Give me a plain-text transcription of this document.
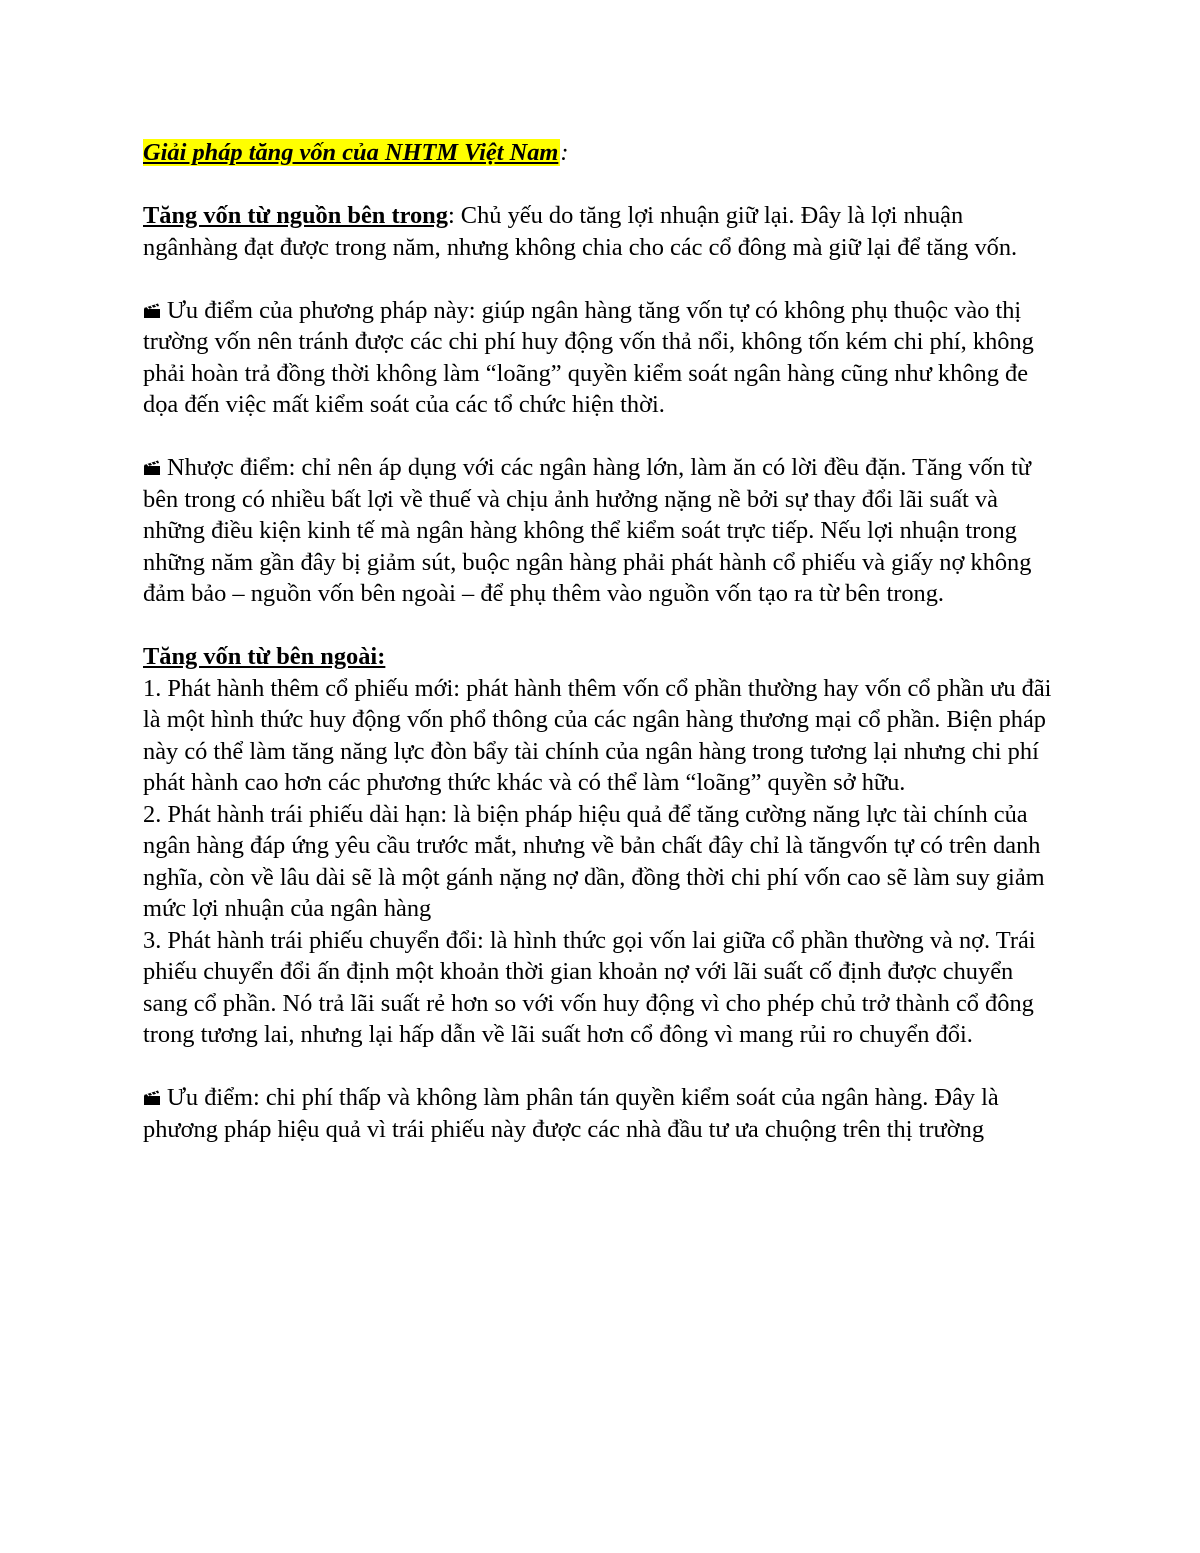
Giải pháp tăng vốn của NHTM Việt Nam:

Tăng vốn từ nguồn bên trong: Chủ yếu do tăng lợi nhuận giữ lại. Đây là lợi nhuận ngânhàng đạt được trong năm, nhưng không chia cho các cổ đông mà giữ lại để tăng vốn.

Ưu điểm của phương pháp này: giúp ngân hàng tăng vốn tự có không phụ thuộc vào thị trường vốn nên tránh được các chi phí huy động vốn thả nổi, không tốn kém chi phí, không phải hoàn trả đồng thời không làm “loãng” quyền kiểm soát ngân hàng cũng như không đe dọa đến việc mất kiểm soát của các tổ chức hiện thời.

Nhược điểm: chỉ nên áp dụng với các ngân hàng lớn, làm ăn có lời đều đặn. Tăng vốn từ bên trong có nhiều bất lợi về thuế và chịu ảnh hưởng nặng nề bởi sự thay đổi lãi suất và những điều kiện kinh tế mà ngân hàng không thể kiểm soát trực tiếp. Nếu lợi nhuận trong những năm gần đây bị giảm sút, buộc ngân hàng phải phát hành cổ phiếu và giấy nợ không đảm bảo – nguồn vốn bên ngoài – để phụ thêm vào nguồn vốn tạo ra từ bên trong.

Tăng vốn từ bên ngoài:

1. Phát hành thêm cổ phiếu mới: phát hành thêm vốn cổ phần thường hay vốn cổ phần ưu đãi là một hình thức huy động vốn phổ thông của các ngân hàng thương mại cổ phần. Biện pháp này có thể làm tăng năng lực đòn bẩy tài chính của ngân hàng trong tương lại nhưng chi phí phát hành cao hơn các phương thức khác và có thể làm “loãng” quyền sở hữu.

2. Phát hành trái phiếu dài hạn: là biện pháp hiệu quả để tăng cường năng lực tài chính của ngân hàng đáp ứng yêu cầu trước mắt, nhưng về bản chất đây chỉ là tăngvốn tự có trên danh nghĩa, còn về lâu dài sẽ là một gánh nặng nợ dần, đồng thời chi phí vốn cao sẽ làm suy giảm mức lợi nhuận của ngân hàng

3. Phát hành trái phiếu chuyển đổi: là hình thức gọi vốn lai giữa cổ phần thường và nợ. Trái phiếu chuyển đổi ấn định một khoản thời gian khoản nợ với lãi suất cố định được chuyển sang cổ phần. Nó trả lãi suất rẻ hơn so với vốn huy động vì cho phép chủ trở thành cổ đông trong tương lai, nhưng lại hấp dẫn về lãi suất hơn cổ đông vì mang rủi ro chuyển đổi.

Ưu điểm: chi phí thấp và không làm phân tán quyền kiểm soát của ngân hàng. Đây là phương pháp hiệu quả vì trái phiếu này được các nhà đầu tư ưa chuộng trên thị trường
